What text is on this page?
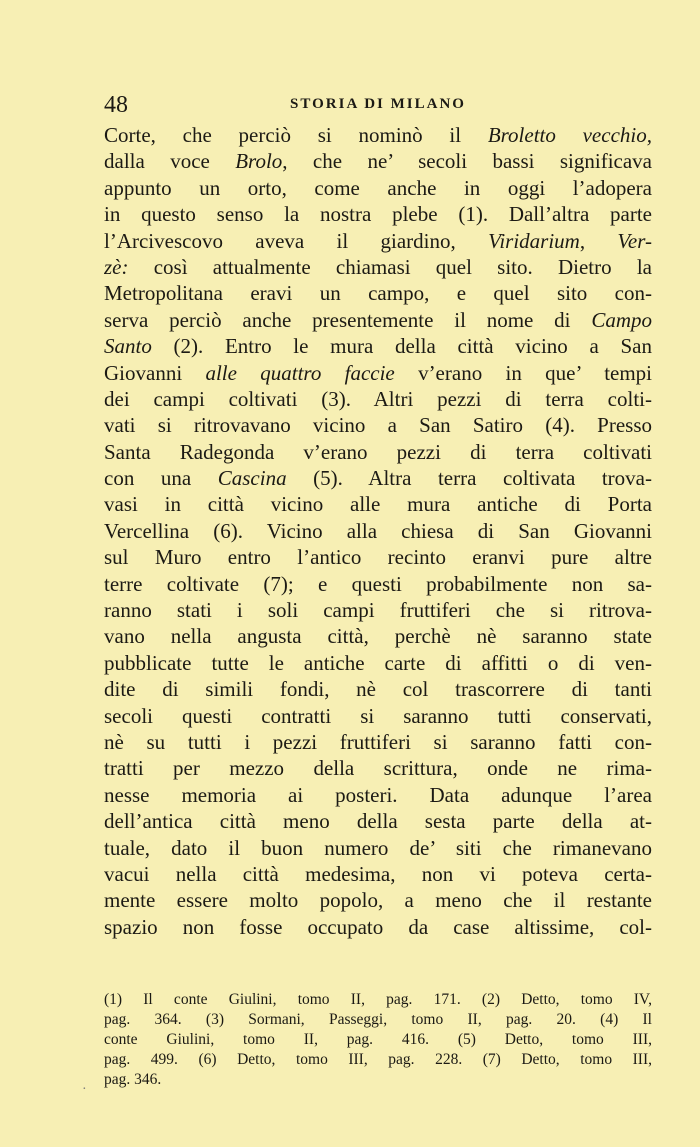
48	STORIA DI MILANO
Corte, che perciò si nominò il Broletto vecchio,
dalla voce Brolo, che ne’ secoli bassi significava
appunto un orto, come anche in oggi l’adopera
in questo senso la nostra plebe (1). Dall’altra parte
l’Arcivescovo aveva il giardino, Viridarium, Ver-
zè: così attualmente chiamasi quel sito. Dietro la
Metropolitana eravi un campo, e quel sito con-
serva perciò anche presentemente il nome di Campo
Santo (2). Entro le mura della città vicino a San
Giovanni alle quattro faccie v’erano in que’ tempi
dei campi coltivati (3). Altri pezzi di terra colti-
vati si ritrovavano vicino a San Satiro (4). Presso
Santa Radegonda v’erano pezzi di terra coltivati
con una Cascina (5). Altra terra coltivata trova-
vasi in città vicino alle mura antiche di Porta
Vercellina (6). Vicino alla chiesa di San Giovanni
sul Muro entro l’antico recinto eranvi pure altre
terre coltivate (7); e questi probabilmente non sa-
ranno stati i soli campi fruttiferi che si ritrova-
vano nella angusta città, perchè nè saranno state
pubblicate tutte le antiche carte di affitti o di ven-
dite di simili fondi, nè col trascorrere di tanti
secoli questi contratti si saranno tutti conservati,
nè su tutti i pezzi fruttiferi si saranno fatti con-
tratti per mezzo della scrittura, onde ne rima-
nesse memoria ai posteri. Data adunque l’area
dell’antica città meno della sesta parte della at-
tuale, dato il buon numero de’ siti che rimanevano
vacui nella città medesima, non vi poteva certa-
mente essere molto popolo, a meno che il restante
spazio non fosse occupato da case altissime, col-
(1) Il conte Giulini, tomo II, pag. 171. (2) Detto, tomo IV,
pag. 364. (3) Sormani, Passeggi, tomo II, pag. 20. (4) Il
conte Giulini, tomo II, pag. 416. (5) Detto, tomo III,
pag. 499. (6) Detto, tomo III, pag. 228. (7) Detto, tomo III,
pag. 346.
·
